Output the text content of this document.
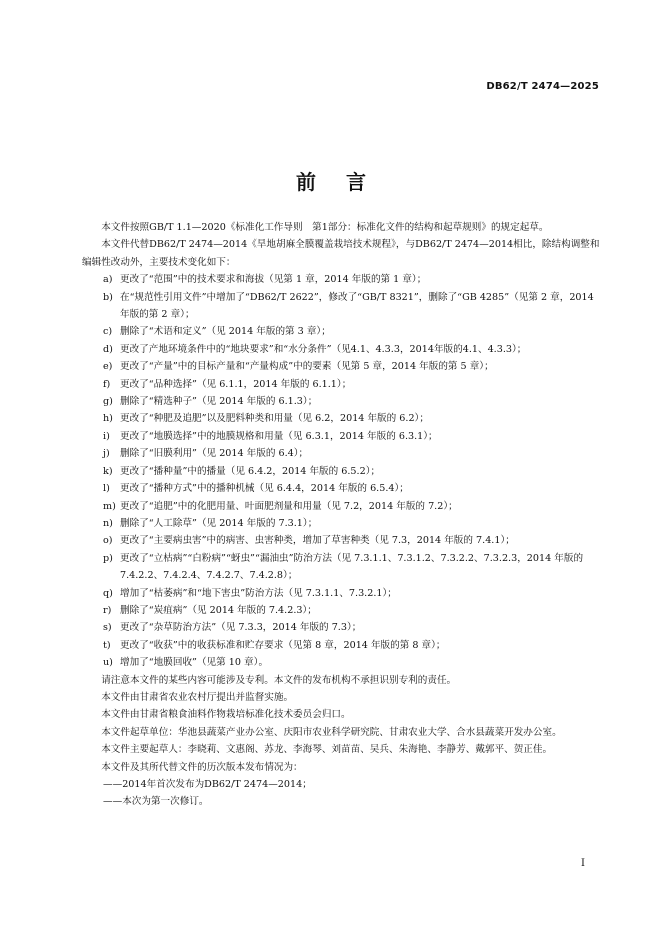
DB62/T 2474—2025
前 言

本文件按照GB/T 1.1—2020《标准化工作导则　第1部分：标准化文件的结构和起草规则》的规定起草。

本文件代替DB62/T 2474—2014《旱地胡麻全膜覆盖栽培技术规程》，与DB62/T 2474—2014相比，除结构调整和编辑性改动外，主要技术变化如下：

a) 更改了“范围”中的技术要求和海拔（见第 1 章，2014 年版的第 1 章）；
b) 在“规范性引用文件”中增加了“DB62/T 2622”，修改了“GB/T 8321”，删除了“GB 4285”（见第 2 章，2014 年版的第 2 章）；
c) 删除了“术语和定义”（见 2014 年版的第 3 章）；
d) 更改了产地环境条件中的“地块要求”和“水分条件”（见4.1、4.3.3，2014年版的4.1、4.3.3）；
e) 更改了“产量”中的目标产量和“产量构成”中的要素（见第 5 章，2014 年版的第 5 章）；
f)	更改了“品种选择”（见 6.1.1，2014 年版的 6.1.1）；
g) 删除了“精选种子”（见 2014 年版的 6.1.3）；
h) 更改了“种肥及追肥”以及肥料种类和用量（见 6.2，2014 年版的 6.2）；
i)	更改了“地膜选择”中的地膜规格和用量（见 6.3.1，2014 年版的 6.3.1）；
j)	删除了“旧膜利用”（见 2014 年版的 6.4）；
k) 更改了“播种量”中的播量（见 6.4.2，2014 年版的 6.5.2）；
l)	更改了“播种方式”中的播种机械（见 6.4.4，2014 年版的 6.5.4）；
m) 更改了“追肥”中的化肥用量、叶面肥剂量和用量（见 7.2，2014 年版的 7.2）；
n) 删除了“人工除草”（见 2014 年版的 7.3.1）；
o) 更改了“主要病虫害”中的病害、虫害种类，增加了草害种类（见 7.3，2014 年版的 7.4.1）；
p) 更改了“立枯病”“白粉病”“蚜虫”“漏油虫”防治方法（见 7.3.1.1、7.3.1.2、7.3.2.2、7.3.2.3，2014 年版的 7.4.2.2、7.4.2.4、7.4.2.7、7.4.2.8）；
q) 增加了“枯萎病”和“地下害虫”防治方法（见 7.3.1.1、7.3.2.1）；
r) 删除了“炭疽病”（见 2014 年版的 7.4.2.3）；
s) 更改了“杂草防治方法”（见 7.3.3，2014 年版的 7.3）；
t) 更改了“收获”中的收获标准和贮存要求（见第 8 章，2014 年版的第 8 章）；
u) 增加了“地膜回收”（见第 10 章）。

请注意本文件的某些内容可能涉及专利。本文件的发布机构不承担识别专利的责任。

本文件由甘肃省农业农村厅提出并监督实施。

本文件由甘肃省粮食油料作物栽培标准化技术委员会归口。

本文件起草单位：华池县蔬菜产业办公室、庆阳市农业科学研究院、甘肃农业大学、合水县蔬菜开发办公室。

本文件主要起草人：李晓莉、文惠阁、苏龙、李海琴、刘苗苗、吴兵、朱海艳、李静芳、戴郭平、贺正佳。

本文件及其所代替文件的历次版本发布情况为：

——2014年首次发布为DB62/T 2474—2014；

——本次为第一次修订。

I
